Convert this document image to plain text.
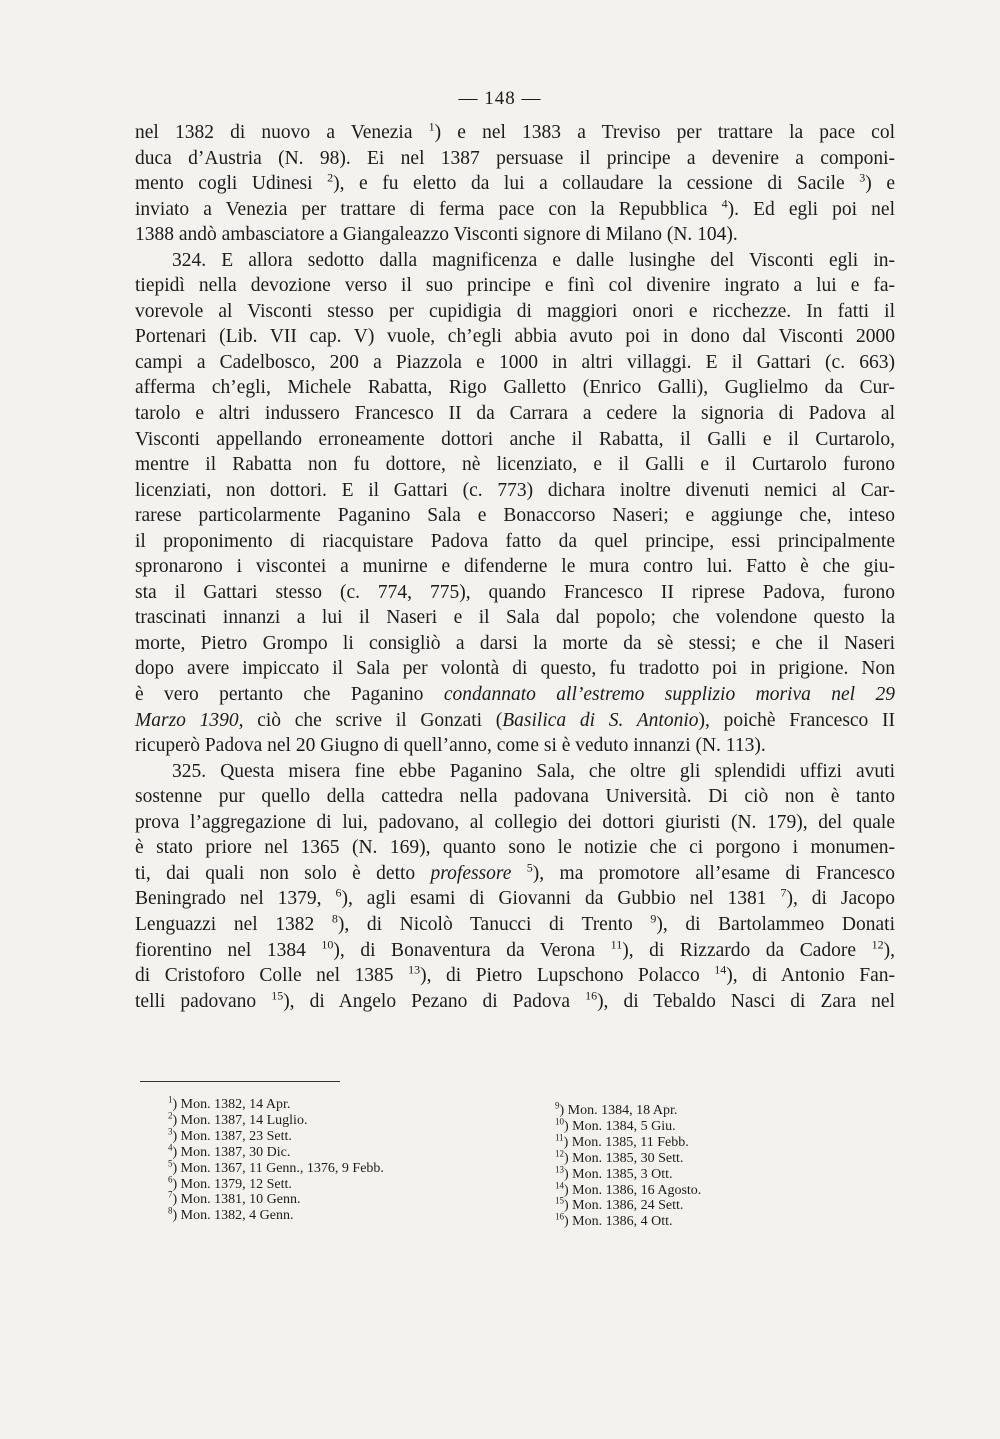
— 148 —
nel 1382 di nuovo a Venezia $^1$) e nel 1383 a Treviso per trattare la pace col
duca d’Austria (N. 98). Ei nel 1387 persuase il principe a devenire a componi-
mento cogli Udinesi $^2$), e fu eletto da lui a collaudare la cessione di Sacile $^3$) e
inviato a Venezia per trattare di ferma pace con la Repubblica $^4$). Ed egli poi nel
1388 andò ambasciatore a Giangaleazzo Visconti signore di Milano (N. 104).
324. E allora sedotto dalla magnificenza e dalle lusinghe del Visconti egli in-
tiepidì nella devozione verso il suo principe e finì col divenire ingrato a lui e fa-
vorevole al Visconti stesso per cupidigia di maggiori onori e ricchezze. In fatti il
Portenari (Lib. VII cap. V) vuole, ch’egli abbia avuto poi in dono dal Visconti 2000
campi a Cadelbosco, 200 a Piazzola e 1000 in altri villaggi. E il Gattari (c. 663)
afferma ch’egli, Michele Rabatta, Rigo Galletto (Enrico Galli), Guglielmo da Cur-
tarolo e altri indussero Francesco II da Carrara a cedere la signoria di Padova al
Visconti appellando erroneamente dottori anche il Rabatta, il Galli e il Curtarolo,
mentre il Rabatta non fu dottore, nè licenziato, e il Galli e il Curtarolo furono
licenziati, non dottori. E il Gattari (c. 773) dichara inoltre divenuti nemici al Car-
rarese particolarmente Paganino Sala e Bonaccorso Naseri; e aggiunge che, inteso
il proponimento di riacquistare Padova fatto da quel principe, essi principalmente
spronarono i viscontei a munirne e difenderne le mura contro lui. Fatto è che giu-
sta il Gattari stesso (c. 774, 775), quando Francesco II riprese Padova, furono
trascinati innanzi a lui il Naseri e il Sala dal popolo; che volendone questo la
morte, Pietro Grompo li consigliò a darsi la morte da sè stessi; e che il Naseri
dopo avere impiccato il Sala per volontà di questo, fu tradotto poi in prigione. Non
è vero pertanto che Paganino condannato all’estremo supplizio moriva nel 29
Marzo 1390, ciò che scrive il Gonzati (Basilica di S. Antonio), poichè Francesco II
ricuperò Padova nel 20 Giugno di quell’anno, come si è veduto innanzi (N. 113).
325. Questa misera fine ebbe Paganino Sala, che oltre gli splendidi uffizi avuti
sostenne pur quello della cattedra nella padovana Università. Di ciò non è tanto
prova l’aggregazione di lui, padovano, al collegio dei dottori giuristi (N. 179), del quale
è stato priore nel 1365 (N. 169), quanto sono le notizie che ci porgono i monumen-
ti, dai quali non solo è detto professore $^5$), ma promotore all’esame di Francesco
Beningrado nel 1379, $^6$), agli esami di Giovanni da Gubbio nel 1381 $^7$), di Jacopo
Lenguazzi nel 1382 $^8$), di Nicolò Tanucci di Trento $^9$), di Bartolammeo Donati
fiorentino nel 1384 $^{10}$), di Bonaventura da Verona $^{11}$), di Rizzardo da Cadore $^{12}$),
di Cristoforo Colle nel 1385 $^{13}$), di Pietro Lupschono Polacco $^{14}$), di Antonio Fan-
telli padovano $^{15}$), di Angelo Pezano di Padova $^{16}$), di Tebaldo Nasci di Zara nel
$^1$) Mon. 1382, 14 Apr.
$^2$) Mon. 1387, 14 Luglio.
$^3$) Mon. 1387, 23 Sett.
$^4$) Mon. 1387, 30 Dic.
$^5$) Mon. 1367, 11 Genn., 1376, 9 Febb.
$^6$) Mon. 1379, 12 Sett.
$^7$) Mon. 1381, 10 Genn.
$^8$) Mon. 1382, 4 Genn.
$^9$) Mon. 1384, 18 Apr.
$^{10}$) Mon. 1384, 5 Giu.
$^{11}$) Mon. 1385, 11 Febb.
$^{12}$) Mon. 1385, 30 Sett.
$^{13}$) Mon. 1385, 3 Ott.
$^{14}$) Mon. 1386, 16 Agosto.
$^{15}$) Mon. 1386, 24 Sett.
$^{16}$) Mon. 1386, 4 Ott.
